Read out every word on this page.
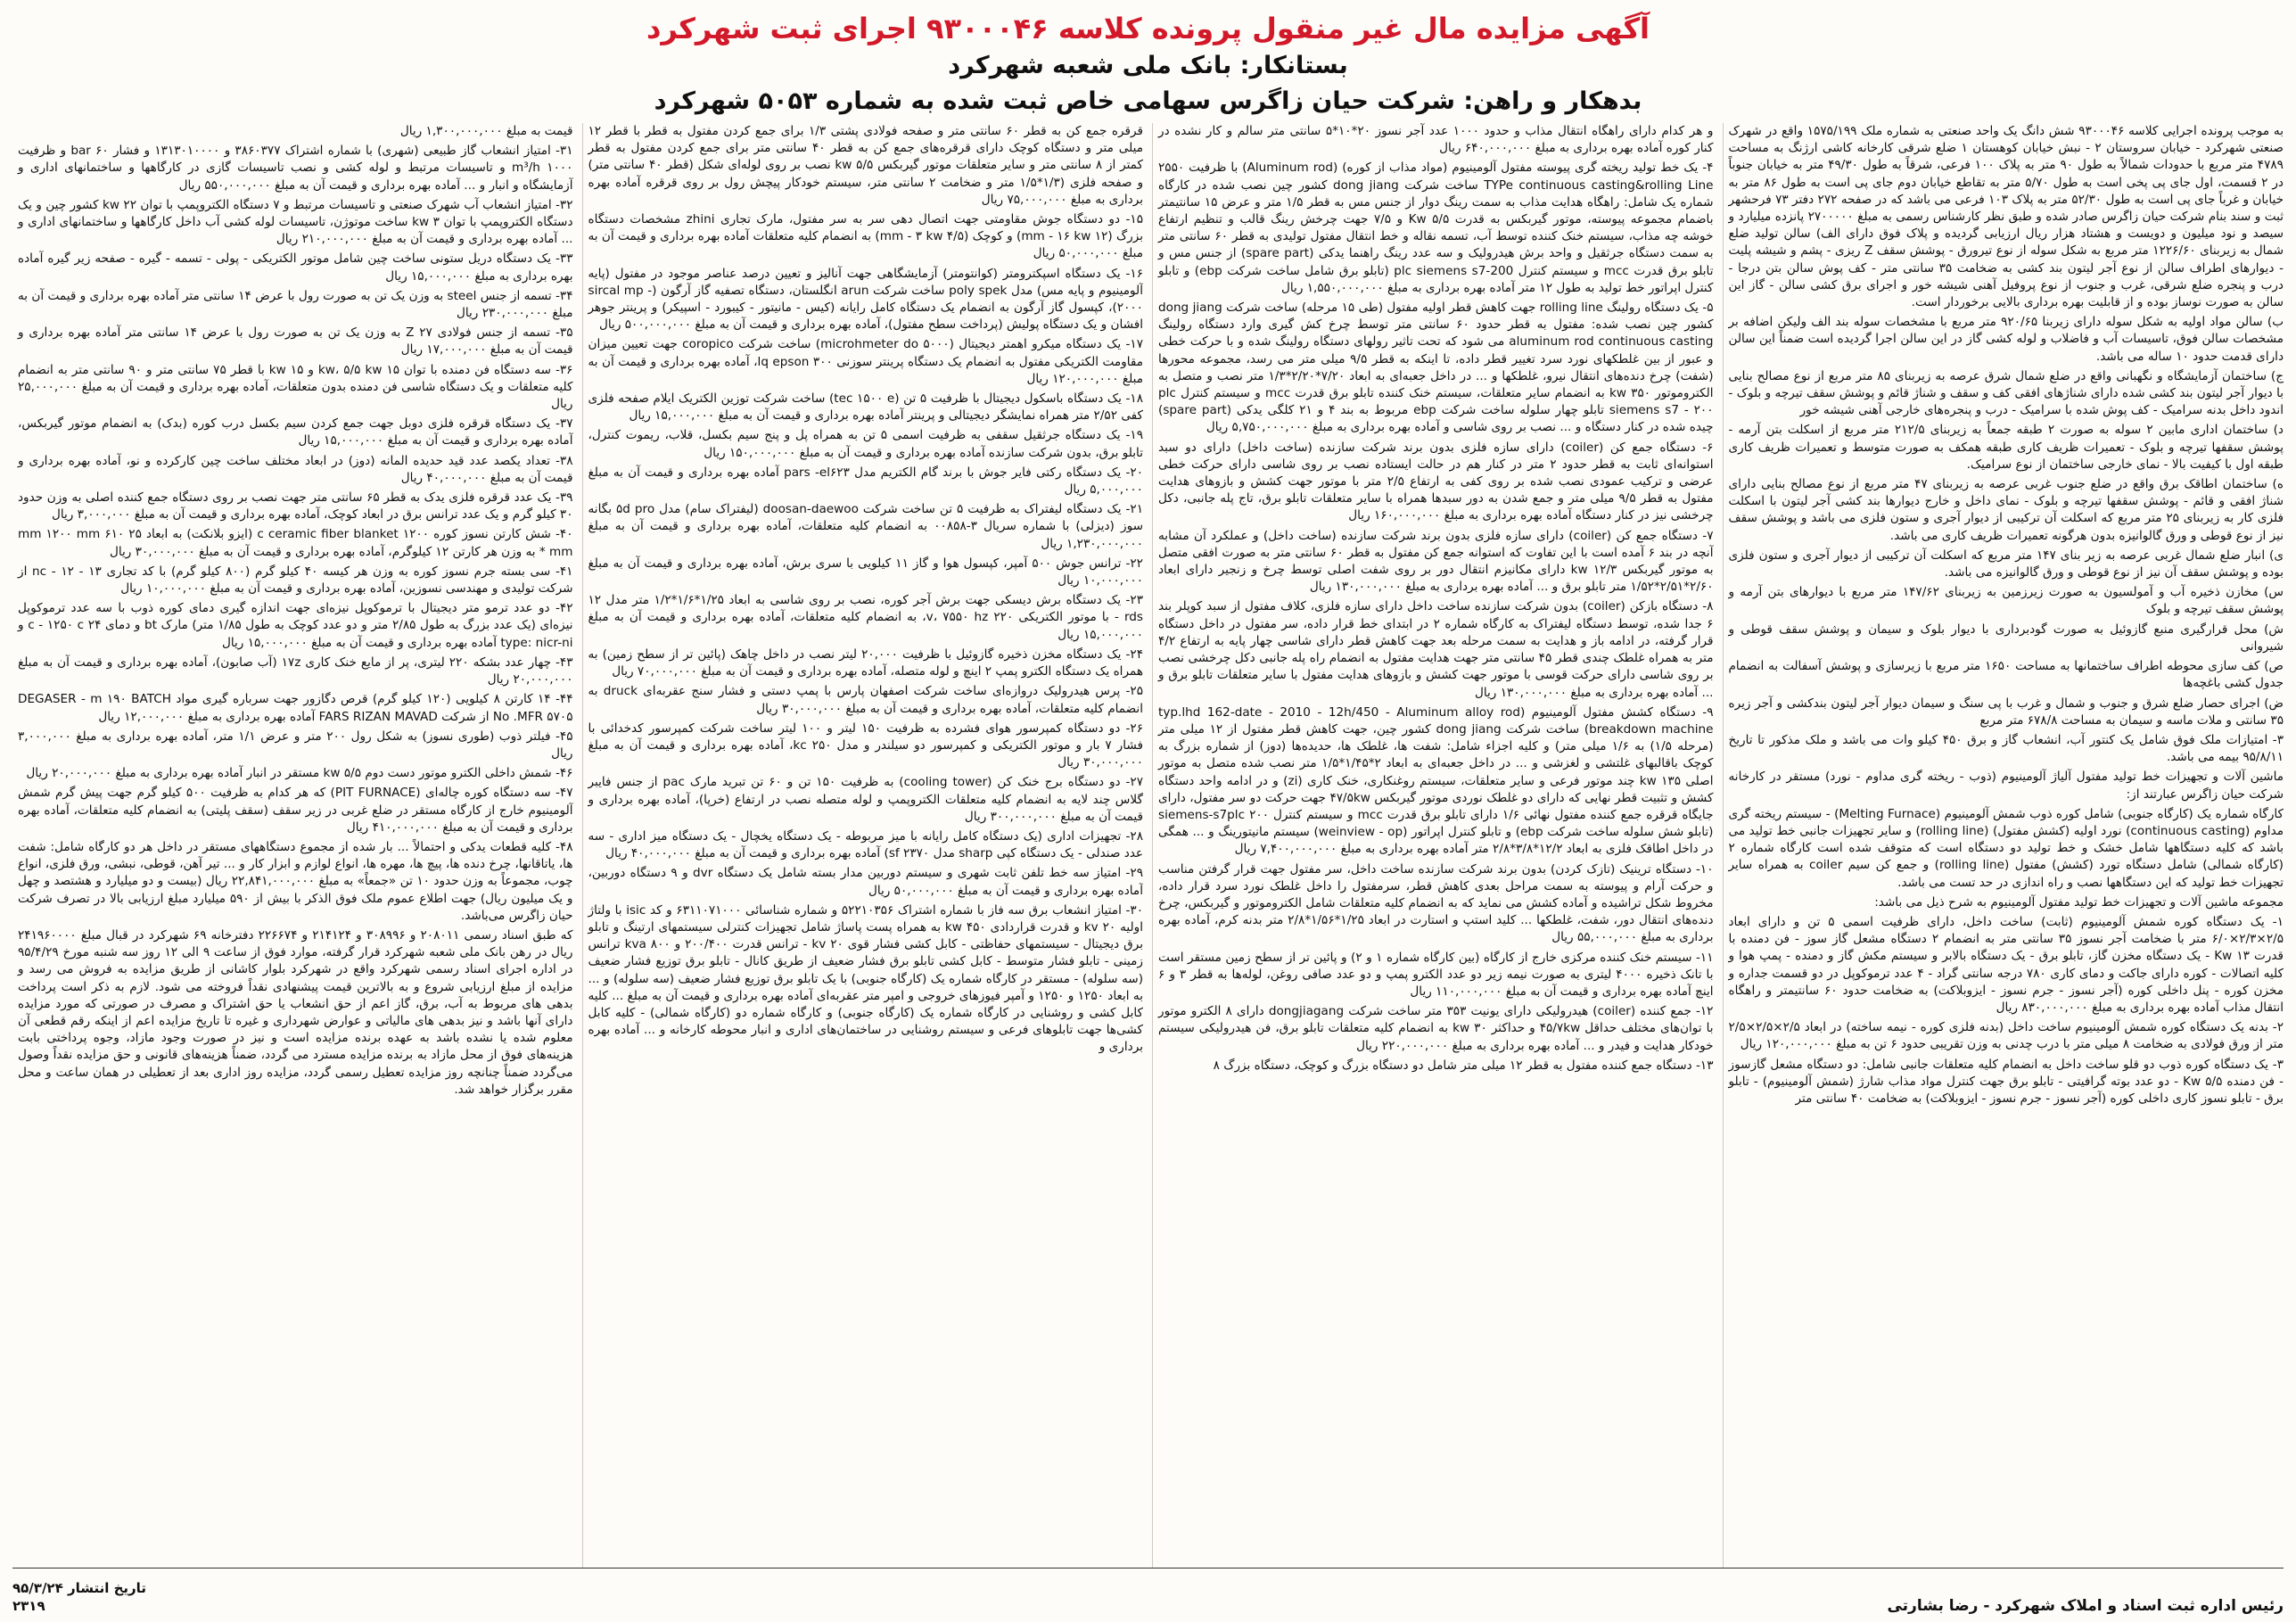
آگهی مزایده مال غیر منقول پرونده کلاسه ۹۳۰۰۰۴۶ اجرای ثبت شهرکرد

بستانکار: بانک ملی شعبه شهرکرد

بدهکار و راهن: شرکت حیان زاگرس سهامی خاص ثبت شده به شماره ۵۰۵۳ شهرکرد

به موجب پرونده اجرایی کلاسه ۹۳۰۰۰۴۶ شش دانگ یک واحد صنعتی به شماره ملک ۱۵۷۵/۱۹۹ واقع در شهرک صنعتی شهرکرد - خیابان سروستان ۲ - نبش خیابان کوهستان ۱ ضلع شرقی کارخانه کاشی ارژنگ به مساحت ۴۷۸۹ متر مربع با حدودات شمالاً به طول ۹۰ متر به پلاک ۱۰۰ فرعی، شرقاً به طول ۴۹/۳۰ متر به خیابان جنوباً در ۲ قسمت، اول جای پی پخی است به طول ۵/۷۰ متر به تقاطع خیابان دوم جای پی است به طول ۸۶ متر به خیابان و غرباً جای پی است به طول ۵۲/۳۰ متر به پلاک ۱۰۳ فرعی می باشد که در صفحه ۲۷۲ دفتر ۷۳ فرحشهر ثبت و سند بنام شرکت حیان زاگرس صادر شده و طبق نظر کارشناس رسمی به مبلغ ۲۷۰۰۰۰۰ پانزده میلیارد و سیصد و نود میلیون و دویست و هشتاد هزار ریال ارزیابی گردیده و پلاک فوق دارای الف) سالن تولید ضلع شمال به زیربنای ۱۲۲۶/۶۰ متر مربع به شکل سوله از نوع تیرورق - پوشش سقف Z ریزی - پشم و شیشه پلیت - دیوارهای اطراف سالن از نوع آجر لیتون بند کشی به ضخامت ۳۵ سانتی متر - کف پوش سالن بتن درجا - درب و پنجره ضلع شرقی، غرب و جنوب از نوع پروفیل آهنی شیشه خور و اجرای برق کشی سالن - گاز این سالن به صورت نوساز بوده و از قابلیت بهره برداری بالایی برخوردار است.

ب) سالن مواد اولیه به شکل سوله دارای زیربنا ۹۲۰/۶۵ متر مربع با مشخصات سوله بند الف ولیکن اضافه بر مشخصات سالن فوق، تاسیسات آب و فاضلاب و لوله کشی گاز در این سالن اجرا گردیده است ضمناً این سالن دارای قدمت حدود ۱۰ ساله می باشد.

ج) ساختمان آزمایشگاه و نگهبانی واقع در ضلع شمال شرق عرصه به زیربنای ۸۵ متر مربع از نوع مصالح بنایی با دیوار آجر لیتون بند کشی شده دارای شناژهای افقی کف و سقف و شناژ قائم و پوشش سقف تیرچه و بلوک - اندود داخل بدنه سرامیک - کف پوش شده با سرامیک - درب و پنجره‌های خارجی آهنی شیشه خور

د) ساختمان اداری مابین ۲ سوله به صورت ۲ طبقه جمعاً به زیربنای ۲۱۲/۵ متر مربع از اسکلت بتن آرمه - پوشش سقفها تیرچه و بلوک - تعمیرات ظریف کاری طبقه همکف به صورت متوسط و تعمیرات ظریف کاری طبقه اول با کیفیت بالا - نمای خارجی ساختمان از نوع سرامیک.

ه) ساختمان اطاقک برق واقع در ضلع جنوب غربی عرصه به زیربنای ۴۷ متر مربع از نوع مصالح بنایی دارای شناژ افقی و قائم - پوشش سقفها تیرچه و بلوک - نمای داخل و خارج دیوارها بند کشی آجر لیتون با اسکلت فلزی کار به زیربنای ۲۵ متر مربع که اسکلت آن ترکیبی از دیوار آجری و ستون فلزی می باشد و پوشش سقف نیز از نوع قوطی و ورق گالوانیزه بدون هرگونه تعمیرات ظریف کاری می باشد.

ی) انبار ضلع شمال غربی عرصه به زیر بنای ۱۴۷ متر مربع که اسکلت آن ترکیبی از دیوار آجری و ستون فلزی بوده و پوشش سقف آن نیز از نوع قوطی و ورق گالوانیزه می باشد.

س) مخازن ذخیره آب و آمولسیون به صورت زیرزمین به زیربنای ۱۴۷/۶۲ متر مربع با دیوارهای بتن آرمه و پوشش سقف تیرچه و بلوک

ش) محل قرارگیری منبع گازوئیل به صورت گودبرداری با دیوار بلوک و سیمان و پوشش سقف قوطی و شیروانی

ص) کف سازی محوطه اطراف ساختمانها به مساحت ۱۶۵۰ متر مربع با زیرسازی و پوشش آسفالت به انضمام جدول کشی باغچه‌ها

ض) اجرای حصار ضلع شرق و جنوب و شمال و غرب با پی سنگ و سیمان دیوار آجر لیتون بندکشی و آجر زیره ۳۵ سانتی و ملات ماسه و سیمان به مساحت ۶۷۸/۸ متر مربع

۳- امتیازات ملک فوق شامل یک کنتور آب، انشعاب گاز و برق ۴۵۰ کیلو وات می باشد و ملک مذکور تا تاریخ ۹۵/۸/۱۱ بیمه می باشد.

ماشین آلات و تجهیزات خط تولید مفتول آلیاژ آلومینیوم (ذوب - ریخته گری مداوم - نورد) مستقر در کارخانه شرکت حیان زاگرس عبارتند از:

کارگاه شماره یک (کارگاه جنوبی) شامل کوره ذوب شمش آلومینیوم (Melting Furnace) - سیستم ریخته گری مداوم (continuous casting) نورد اولیه (کشش مفتول) (rolling line) و سایر تجهیزات جانبی خط تولید می باشد که کلیه دستگاهها شامل خشک و خط تولید دو دستگاه است که متوقف شده است کارگاه شماره ۲ (کارگاه شمالی) شامل دستگاه تورد (کشش) مفتول (rolling line) و جمع کن سیم coiler به همراه سایر تجهیزات خط تولید که این دستگاهها نصب و راه اندازی در حد تست می باشد.

مجموعه ماشین آلات و تجهیزات خط تولید مفتول آلومینیوم به شرح ذیل می باشد:

۱- یک دستگاه کوره شمش آلومینیوم (ثابت) ساخت داخل، دارای ظرفیت اسمی ۵ تن و دارای ابعاد ۲/۵×۲/۳×۶/۰ متر با ضخامت آجر نسوز ۳۵ سانتی متر به انضمام ۲ دستگاه مشعل گاز سوز - فن دمنده با قدرت ۱۳ Kw - یک دستگاه مخزن گاز، تابلو برق - یک دستگاه بالابر و سیستم مکش گاز و دمنده - پمپ هوا و کلیه اتصالات - کوره دارای جاکت و دمای کاری ۷۸۰ درجه سانتی گراد - ۴ عدد ترموکوپل در دو قسمت جداره و مخزن کوره - پنل داخلی کوره (آجر نسوز - جرم نسوز - ایزوبلاکت) به ضخامت حدود ۶۰ سانتیمتر و راهگاه انتقال مذاب آماده بهره برداری به مبلغ ۸۳۰,۰۰۰,۰۰۰ ریال

۲- بدنه یک دستگاه کوره شمش آلومینیوم ساخت داخل (بدنه فلزی کوره - نیمه ساخته) در ابعاد ۲/۵×۲/۵×۲/۵ متر از ورق فولادی به ضخامت ۸ میلی متر با درب چدنی به وزن تقریبی حدود ۶ تن به مبلغ ۱۲۰,۰۰۰,۰۰۰ ریال

۳- یک دستگاه کوره ذوب دو قلو ساخت داخل به انضمام کلیه متعلقات جانبی شامل: دو دستگاه مشعل گازسوز - فن دمنده ۵/۵ Kw - دو عدد بوته گرافیتی - تابلو برق جهت کنترل مواد مذاب شارژ (شمش آلومینیوم) - تابلو برق - تابلو نسوز کاری داخلی کوره (آجر نسوز - جرم نسوز - ایزوبلاکت) به ضخامت ۴۰ سانتی متر

و هر کدام دارای راهگاه انتقال مذاب و حدود ۱۰۰۰ عدد آجر نسوز ۲۰*۱۰*۵ سانتی متر سالم و کار نشده در کنار کوره آماده بهره برداری به مبلغ ۶۴۰,۰۰۰,۰۰۰ ریال

۴- یک خط تولید ریخته گری پیوسته مفتول آلومینیوم (مواد مذاب از کوره) (Aluminum rod) با ظرفیت ۲۵۵۰ TYPe continuous casting&rolling Line ساخت شرکت dong jiang کشور چین نصب شده در کارگاه شماره یک شامل: راهگاه هدایت مذاب به سمت رینگ دوار از جنس مس به قطر ۱/۵ متر و عرض ۱۵ سانتیمتر باضمام مجموعه پیوسته، موتور گیربکس به قدرت ۵/۵ Kw و ۷/۵ جهت چرخش رینگ قالب و تنظیم ارتفاع خوشه چه مذاب، سیستم خنک کننده توسط آب، تسمه نقاله و خط انتقال مفتول تولیدی به قطر ۶۰ سانتی متر به سمت دستگاه جرثقیل و واحد برش هیدرولیک و سه عدد رینگ راهنما یدکی (spare part) از جنس مس و تابلو برق قدرت mcc و سیستم کنترل plc siemens s7-200 (تابلو برق شامل ساخت شرکت ebp) و تابلو کنترل اپراتور خط تولید به طول ۱۲ متر آماده بهره برداری به مبلغ ۱,۵۵۰,۰۰۰,۰۰۰ ریال

۵- یک دستگاه رولینگ rolling line جهت کاهش قطر اولیه مفتول (طی ۱۵ مرحله) ساخت شرکت dong jiang کشور چین نصب شده: مفتول به قطر حدود ۶۰ سانتی متر توسط چرخ کش گیری وارد دستگاه رولینگ aluminum rod continuous casting می شود که تحت تاثیر رولهای دستگاه رولینگ شده و با حرکت خطی و عبور از بین غلطکهای نورد سرد تغییر قطر داده، تا اینکه به قطر ۹/۵ میلی متر می رسد، مجموعه محورها (شفت) چرخ دنده‌های انتقال نیرو، غلطکها و ... در داخل جعبه‌ای به ابعاد ۷/۲۰*۲/۲۰*۱/۳ متر نصب و متصل به الکتروموتور ۳۵۰ kw به انضمام سایر متعلقات، سیستم خنک کننده تابلو برق قدرت mcc و سیستم کنترل plc siemens s7 - ۲۰۰ تابلو چهار سلوله ساخت شرکت ebp مربوط به بند ۴ و ۲۱ کلگی یدکی (spare part) چیده شده در کنار دستگاه و ... نصب بر روی شاسی و آماده بهره برداری به مبلغ ۵,۷۵۰,۰۰۰,۰۰۰ ریال

۶- دستگاه جمع کن (coiler) دارای سازه فلزی بدون برند شرکت سازنده (ساخت داخل) دارای دو سبد استوانه‌ای ثابت به قطر حدود ۲ متر در کنار هم در حالت ایستاده نصب بر روی شاسی دارای حرکت خطی عرضی و ترکیب عمودی نصب شده بر روی کفی به ارتفاع ۲/۵ متر با موتور جهت کشش و بازوهای هدایت مفتول به قطر ۹/۵ میلی متر و جمع شدن به دور سبدها همراه با سایر متعلقات تابلو برق، تاج پله جانبی، دکل چرخشی نیز در کنار دستگاه آماده بهره برداری به مبلغ ۱۶۰,۰۰۰,۰۰۰ ریال

۷- دستگاه جمع کن (coiler) دارای سازه فلزی بدون برند شرکت سازنده (ساخت داخل) و عملکرد آن مشابه آنچه در بند ۶ آمده است با این تفاوت که استوانه جمع کن مفتول به قطر ۶۰ سانتی متر به صورت افقی متصل به موتور گیربکس ۱۲/۳ kw دارای مکانیزم انتقال دور بر روی شفت اصلی توسط چرخ و زنجیر دارای ابعاد ۲/۶۰*۲/۵۱*۱/۵۲ متر تابلو برق و ... آماده بهره برداری به مبلغ ۱۳۰,۰۰۰,۰۰۰ ریال

۸- دستگاه بازکن (coiler) بدون شرکت سازنده ساخت داخل دارای سازه فلزی، کلاف مفتول از سبد کوپلر بند ۶ جدا شده، توسط دستگاه لیفتراک به کارگاه شماره ۲ در ابتدای خط قرار داده، سر مفتول در داخل دستگاه قرار گرفته، در ادامه باز و هدایت به سمت مرحله بعد جهت کاهش قطر دارای شاسی چهار پایه به ارتفاع ۴/۲ متر به همراه غلطک چندی قطر ۴۵ سانتی متر جهت هدایت مفتول به انضمام راه پله جانبی دکل چرخشی نصب بر روی شاسی دارای حرکت قوسی با موتور جهت کشش و بازوهای هدایت مفتول با سایر متعلقات تابلو برق و ... آماده بهره برداری به مبلغ ۱۳۰,۰۰۰,۰۰۰ ریال

۹- دستگاه کشش مفتول آلومینیوم (typ.lhd 162-date - 2010 - 12h/450 - Aluminum alloy rod breakdown machine) ساخت شرکت dong jiang کشور چین، جهت کاهش قطر مفتول از ۱۲ میلی متر (مرحله ۱/۵) به ۱/۶ میلی متر) و کلیه اجزاء شامل: شفت ها، غلطک ها، حدیده‌ها (دوز) از شماره بزرگ به کوچک باقالبهای غلتشی و لغزشی و ... در داخل جعبه‌ای به ابعاد ۲*۱/۴۵*۱/۵ متر نصب شده متصل به موتور اصلی ۱۳۵ kw چند موتور فرعی و سایر متعلقات، سیستم روغنکاری، خنک کاری (zi) و در ادامه واحد دستگاه کشش و تثبیت قطر نهایی که دارای دو غلطک نوردی موتور گیربکس ۴۷/۵kw جهت حرکت دو سر مفتول، دارای جایگاه قرقره جمع کننده مفتول نهائی ۱/۶ دارای تابلو برق قدرت mcc و سیستم کنترل siemens-s7plc ۲۰۰ (تابلو شش سلوله ساخت شرکت ebp) و تابلو کنترل اپراتور (weinview - op) سیستم مانیتورینگ و ... همگی در داخل اطاقک فلزی به ابعاد ۱۲/۲*۳/۸*۲/۸ متر آماده بهره برداری به مبلغ ۷,۴۰۰,۰۰۰,۰۰۰ ریال

۱۰- دستگاه ترینیک (تازک کردن) بدون برند شرکت سازنده ساخت داخل، سر مفتول جهت قرار گرفتن مناسب و حرکت آرام و پیوسته به سمت مراحل بعدی کاهش قطر، سرمفتول را داخل غلطک نورد سرد قرار داده، مخروط شکل تراشیده و آماده کشش می نماید که به انضمام کلیه متعلقات شامل الکتروموتور و گیربکس، چرخ دنده‌های انتقال دور، شفت، غلطکها ... کلید استپ و استارت در ابعاد ۱/۲۵*۱/۵۶*۲/۸ متر بدنه کرم، آماده بهره برداری به مبلغ ۵۵,۰۰۰,۰۰۰ ریال

۱۱- سیستم خنک کننده مرکزی خارج از کارگاه (بین کارگاه شماره ۱ و ۲) و پائین تر از سطح زمین مستقر است با تانک ذخیره ۴۰۰۰ لیتری به صورت نیمه زیر دو عدد الکترو پمپ و دو عدد صافی روغن، لوله‌ها به قطر ۳ و ۶ اینچ آماده بهره برداری و قیمت آن به مبلغ ۱۱۰,۰۰۰,۰۰۰ ریال

۱۲- جمع کننده (coiler) هیدرولیکی دارای یونیت ۳۵۳ متر ساخت شرکت dongjiagang دارای ۸ الکترو موتور با توان‌های مختلف حداقل ۴۵/۷kw و حداکثر ۳۰ kw به انضمام کلیه متعلقات تابلو برق، فن هیدرولیکی سیستم خودکار هدایت و فیدر و ... آماده بهره برداری به مبلغ ۲۲۰,۰۰۰,۰۰۰ ریال

۱۳- دستگاه جمع کننده مفتول به قطر ۱۲ میلی متر شامل دو دستگاه بزرگ و کوچک، دستگاه بزرگ ۸

قرقره جمع کن به قطر ۶۰ سانتی متر و صفحه فولادی پشتی ۱/۳ برای جمع کردن مفتول به قطر با قطر ۱۲ میلی متر و دستگاه کوچک دارای قرقره‌های جمع کن به قطر ۴۰ سانتی متر برای جمع کردن مفتول به قطر کمتر از ۸ سانتی متر و سایر متعلقات موتور گیربکس ۵/۵ kw نصب بر روی لوله‌ای شکل (قطر ۴۰ سانتی متر) و صفحه فلزی (۱/۳*۱/۵ متر و ضخامت ۲ سانتی متر، سیستم خودکار پیچش رول بر روی قرقره آماده بهره برداری به مبلغ ۷۵,۰۰۰,۰۰۰ ریال

۱۵- دو دستگاه جوش مقاومتی جهت اتصال دهی سر به سر مفتول، مارک تجاری zhini مشخصات دستگاه بزرگ (۱۲ mm - ۱۶ kw) و کوچک (۴/۵ mm - ۳ kw) به انضمام کلیه متعلقات آماده بهره برداری و قیمت آن به مبلغ ۵۰,۰۰۰,۰۰۰ ریال

۱۶- یک دستگاه اسپکترومتر (کوانتومتر) آزمایشگاهی جهت آنالیز و تعیین درصد عناصر موجود در مفتول (پایه آلومینیوم و پایه مس) مدل poly spek ساخت شرکت arun انگلستان، دستگاه تصفیه گاز آرگون (sircal mp - ۲۰۰۰)، کپسول گاز آرگون به انضمام یک دستگاه کامل رایانه (کیس - مانیتور - کیبورد - اسپیکر) و پرینتر جوهر افشان و یک دستگاه پولیش (پرداخت سطح مفتول)، آماده بهره برداری و قیمت آن به مبلغ ۵۰۰,۰۰۰,۰۰۰ ریال

۱۷- یک دستگاه میکرو اهمتر دیجیتال (microhmeter do ۵۰۰۰) ساخت شرکت coropico جهت تعیین میزان مقاومت الکتریکی مفتول به انضمام یک دستگاه پرینتر سوزنی ۳۰۰ lq epson، آماده بهره برداری و قیمت آن به مبلغ ۱۲۰,۰۰۰,۰۰۰ ریال

۱۸- یک دستگاه باسکول دیجیتال با ظرفیت ۵ تن (tec ۱۵۰۰ e) ساخت شرکت توزین الکتریک ایلام صفحه فلزی کفی ۲/۵۲ متر همراه نمایشگر دیجیتالی و پرینتر آماده بهره برداری و قیمت آن به مبلغ ۱۵,۰۰۰,۰۰۰ ریال

۱۹- یک دستگاه جرثقیل سقفی به ظرفیت اسمی ۵ تن به همراه پل و پنج سیم بکسل، قلاب، ریموت کنترل، تابلو برق، بدون شرکت سازنده آماده بهره برداری و قیمت آن به مبلغ ۱۵۰,۰۰۰,۰۰۰ ریال

۲۰- یک دستگاه رکتی فایر جوش با برند گام الکتریم مدل pars -el۶۲۳ آماده بهره برداری و قیمت آن به مبلغ ۵,۰۰۰,۰۰۰ ریال

۲۱- یک دستگاه لیفتراک به ظرفیت ۵ تن ساخت شرکت doosan-daewoo (لیفتراک سام) مدل ۵d pro بگانه سوز (دیزلی) با شماره سریال ۳-۰۰۸۵۸ به انضمام کلیه متعلقات، آماده بهره برداری و قیمت آن به مبلغ ۱,۲۳۰,۰۰۰,۰۰۰ ریال

۲۲- ترانس جوش ۵۰۰ آمپر، کپسول هوا و گاز ۱۱ کیلویی با سری برش، آماده بهره برداری و قیمت آن به مبلغ ۱۰,۰۰۰,۰۰۰ ریال

۲۳- یک دستگاه برش دیسکی جهت برش آجر کوره، نصب بر روی شاسی به ابعاد ۱/۲۵*۱/۶*۱/۲ متر مدل ۱۲ rds - با موتور الکتریکی ۲۲۰ v، ۷۵۵۰ hz، به انضمام کلیه متعلقات، آماده بهره برداری و قیمت آن به مبلغ ۱۵,۰۰۰,۰۰۰ ریال

۲۴- یک دستگاه مخزن ذخیره گازوئیل با ظرفیت ۲۰,۰۰۰ لیتر نصب در داخل چاهک (پائین تر از سطح زمین) به همراه یک دستگاه الکترو پمپ ۲ اینچ و لوله متصله، آماده بهره برداری و قیمت آن به مبلغ ۷۰,۰۰۰,۰۰۰ ریال

۲۵- پرس هیدرولیک دروازه‌ای ساخت شرکت اصفهان پارس با پمپ دستی و فشار سنج عقربه‌ای druck به انضمام کلیه متعلقات، آماده بهره برداری و قیمت آن به مبلغ ۳۰,۰۰۰,۰۰۰ ریال

۲۶- دو دستگاه کمپرسور هوای فشرده به ظرفیت ۱۵۰ لیتر و ۱۰۰ لیتر ساخت شرکت کمپرسور کدخدائی با فشار ۷ بار و موتور الکتریکی و کمپرسور دو سیلندر و مدل kc ۲۵۰، آماده بهره برداری و قیمت آن به مبلغ ۳۰,۰۰۰,۰۰۰ ریال

۲۷- دو دستگاه برج خنک کن (cooling tower) به ظرفیت ۱۵۰ تن و ۶۰ تن تبرید مارک pac از جنس فایبر گلاس چند لایه به انضمام کلیه متعلقات الکتروپمپ و لوله متصله نصب در ارتفاع (خرپا)، آماده بهره برداری و قیمت آن به مبلغ ۳۰۰,۰۰۰,۰۰۰ ریال

۲۸- تجهیزات اداری (یک دستگاه کامل رایانه با میز مربوطه - یک دستگاه یخچال - یک دستگاه میز اداری - سه عدد صندلی - یک دستگاه کپی sharp مدل ۲۳۷۰ sf) آماده بهره برداری و قیمت آن به مبلغ ۴۰,۰۰۰,۰۰۰ ریال

۲۹- امتیاز سه خط تلفن ثابت شهری و سیستم دوربین مدار بسته شامل یک دستگاه dvr و ۹ دستگاه دوربین، آماده بهره برداری و قیمت آن به مبلغ ۵۰,۰۰۰,۰۰۰ ریال

۳۰- امتیاز انشعاب برق سه فاز با شماره اشتراک ۵۲۲۱۰۳۵۶ و شماره شناسائی ۶۳۱۱۰۷۱۰۰۰ و کد isic با ولتاژ اولیه ۲۰ kv و قدرت قراردادی ۴۵۰ kw به همراه پست پاساژ شامل تجهیزات کنترلی سیستمهای ارتینگ و تابلو برق دیجیتال - سیستمهای حفاظتی - کابل کشی فشار قوی ۲۰ kv - ترانس قدرت ۲۰۰/۴۰۰ و ۸۰۰ kva ترانس زمینی - تابلو فشار متوسط - کابل کشی تابلو برق فشار ضعیف از طریق کانال - تابلو برق توزیع فشار ضعیف (سه سلوله) - مستقر در کارگاه شماره یک (کارگاه جنوبی) با یک تابلو برق توزیع فشار ضعیف (سه سلوله) و ... به ابعاد ۱۲۵۰ و ۱۲۵۰ و آمپر فیوزهای خروجی و امپر متر عقربه‌ای آماده بهره برداری و قیمت آن به مبلغ ... کلیه کابل کشی و روشنایی در کارگاه شماره یک (کارگاه جنوبی) و کارگاه شماره دو (کارگاه شمالی) - کلیه کابل کشی‌ها جهت تابلوهای فرعی و سیستم روشنایی در ساختمان‌های اداری و انبار محوطه کارخانه و ... آماده بهره برداری و

قیمت به مبلغ ۱,۳۰۰,۰۰۰,۰۰۰ ریال

۳۱- امتیاز انشعاب گاز طبیعی (شهری) با شماره اشتراک ۳۸۶۰۳۷۷ و ۱۳۱۳۰۱۰۰۰۰ و فشار ۶۰ bar و ظرفیت ۱۰۰۰ m³/h و تاسیسات مرتبط و لوله کشی و نصب تاسیسات گازی در کارگاهها و ساختمانهای اداری و آزمایشگاه و انبار و ... آماده بهره برداری و قیمت آن به مبلغ ۵۵۰,۰۰۰,۰۰۰ ریال

۳۲- امتیاز انشعاب آب شهرک صنعتی و تاسیسات مرتبط و ۷ دستگاه الکتروپمپ با توان ۲۲ kw کشور چین و یک دستگاه الکتروپمپ با توان ۳ kw ساخت موتوژن، تاسیسات لوله کشی آب داخل کارگاهها و ساختمانهای اداری و ... آماده بهره برداری و قیمت آن به مبلغ ۲۱۰,۰۰۰,۰۰۰ ریال

۳۳- یک دستگاه دریل ستونی ساخت چین شامل موتور الکتریکی - پولی - تسمه - گیره - صفحه زیر گیره آماده بهره برداری به مبلغ ۱۵,۰۰۰,۰۰۰ ریال

۳۴- تسمه از جنس steel به وزن یک تن به صورت رول با عرض ۱۴ سانتی متر آماده بهره برداری و قیمت آن به مبلغ ۲۳۰,۰۰۰,۰۰۰ ریال

۳۵- تسمه از جنس فولادی ۲۷ Z به وزن یک تن به صورت رول با عرض ۱۴ سانتی متر آماده بهره برداری و قیمت آن به مبلغ ۱۷,۰۰۰,۰۰۰ ریال

۳۶- سه دستگاه فن دمنده با توان ۱۵ kw، ۵/۵ kw و ۱۵ kw با قطر ۷۵ سانتی متر و ۹۰ سانتی متر به انضمام کلیه متعلقات و یک دستگاه شاسی فن دمنده بدون متعلقات، آماده بهره برداری و قیمت آن به مبلغ ۲۵,۰۰۰,۰۰۰ ریال

۳۷- یک دستگاه قرقره فلزی دوبل جهت جمع کردن سیم بکسل درب کوره (بدک) به انضمام موتور گیربکس، آماده بهره برداری و قیمت آن به مبلغ ۱۵,۰۰۰,۰۰۰ ریال

۳۸- تعداد یکصد عدد قید حدیده المانه (دوز) در ابعاد مختلف ساخت چین کارکرده و نو، آماده بهره برداری و قیمت آن به مبلغ ۴۰,۰۰۰,۰۰۰ ریال

۳۹- یک عدد قرقره فلزی یدک به قطر ۶۵ سانتی متر جهت نصب بر روی دستگاه جمع کننده اصلی به وزن حدود ۳۰ کیلو گرم و یک عدد ترانس برق در ابعاد کوچک، آماده بهره برداری و قیمت آن به مبلغ ۳,۰۰۰,۰۰۰ ریال

۴۰- شش کارتن نسوز کوره ۱۲۰۰ c ceramic fiber blanket (ایزو بلانکت) به ابعاد ۲۵ mm ۱۲۰۰ mm ۶۱۰ mm * به وزن هر کارتن ۱۲ کیلوگرم، آماده بهره برداری و قیمت آن به مبلغ ۳۰,۰۰۰,۰۰۰ ریال

۴۱- سی بسته جرم نسوز کوره به وزن هر کیسه ۴۰ کیلو گرم (۸۰۰ کیلو گرم) با کد تجاری ۱۳ - ۱۲ - nc از شرکت تولیدی و مهندسی نسوزین، آماده بهره برداری و قیمت آن به مبلغ ۱۰,۰۰۰,۰۰۰ ریال

۴۲- دو عدد ترمو متر دیجیتال با ترموکوپل نیزه‌ای جهت اندازه گیری دمای کوره ذوب با سه عدد ترموکوپل نیزه‌ای (یک عدد بزرگ به طول ۲/۸۵ متر و دو عدد کوچک به طول ۱/۸۵ متر) مارک bt و دمای ۲۴ c - ۱۲۵۰ c و type: nicr-ni آماده بهره برداری و قیمت آن به مبلغ ۱۵,۰۰۰,۰۰۰ ریال

۴۳- چهار عدد بشکه ۲۲۰ لیتری، پر از مایع خنک کاری ۱۷z (آب صابون)، آماده بهره برداری و قیمت آن به مبلغ ۲۰,۰۰۰,۰۰۰ ریال

۴۴- ۱۴ کارتن ۸ کیلویی (۱۲۰ کیلو گرم) قرص دگازور جهت سرباره گیری مواد DEGASER - m ۱۹۰ BATCH No .MFR ۵۷۰۵ از شرکت FARS RIZAN MAVAD آماده بهره برداری به مبلغ ۱۲,۰۰۰,۰۰۰ ریال

۴۵- فیلتر ذوب (طوری نسوز) به شکل رول ۲۰۰ متر و عرض ۱/۱ متر، آماده بهره برداری به مبلغ ۳,۰۰۰,۰۰۰ ریال

۴۶- شمش داخلی الکترو موتور دست دوم ۵/۵ kw مستقر در انبار آماده بهره برداری به مبلغ ۲۰,۰۰۰,۰۰۰ ریال

۴۷- سه دستگاه کوره چاله‌ای (PIT FURNACE) که هر کدام به ظرفیت ۵۰۰ کیلو گرم جهت پیش گرم شمش آلومینیوم خارج از کارگاه مستقر در ضلع غربی در زیر سقف (سقف پلیتی) به انضمام کلیه متعلقات، آماده بهره برداری و قیمت آن به مبلغ ۴۱۰,۰۰۰,۰۰۰ ریال

۴۸- کلیه قطعات یدکی و احتمالاً ... بار شده از مجموع دستگاههای مستقر در داخل هر دو کارگاه شامل: شفت ها، یاتاقانها، چرخ دنده ها، پیچ ها، مهره ها، انواع لوازم و ابزار کار و ... تیر آهن، قوطی، نبشی، ورق فلزی، انواع چوب، مجموعاً به وزن حدود ۱۰ تن «جمعاً» به مبلغ ۲۲,۸۴۱,۰۰۰,۰۰۰ ریال (بیست و دو میلیارد و هشتصد و چهل و یک میلیون ریال) جهت اطلاع عموم ملک فوق الذکر با بیش از ۵۹۰ میلیارد مبلغ ارزیابی بالا در تصرف شرکت حیان زاگرس می‌باشد.

که طبق اسناد رسمی ۲۰۸۰۱۱ و ۳۰۸۹۹۶ و ۲۱۴۱۲۴ و ۲۲۶۶۷۴ دفترخانه ۶۹ شهرکرد در قبال مبلغ ۲۴۱۹۶۰۰۰۰ ریال در رهن بانک ملی شعبه شهرکرد قرار گرفته، موارد فوق از ساعت ۹ الی ۱۲ روز سه شنبه مورخ ۹۵/۴/۲۹ در اداره اجرای اسناد رسمی شهرکرد واقع در شهرکرد بلوار کاشانی از طریق مزایده به فروش می رسد و مزایده از مبلغ ارزیابی شروع و به بالاترین قیمت پیشنهادی نقداً فروخته می شود. لازم به ذکر است پرداخت بدهی های مربوط به آب، برق، گاز اعم از حق انشعاب یا حق اشتراک و مصرف در صورتی که مورد مزایده دارای آنها باشد و نیز بدهی های مالیاتی و عوارض شهرداری و غیره تا تاریخ مزایده اعم از اینکه رقم قطعی آن معلوم شده یا نشده باشد به عهده برنده مزایده است و نیز در صورت وجود مازاد، وجوه پرداختی بابت هزینه‌های فوق از محل مازاد به برنده مزایده مسترد می گردد، ضمناً هزینه‌های قانونی و حق مزایده نقداً وصول می‌گردد ضمناً چنانچه روز مزایده تعطیل رسمی گردد، مزایده روز اداری بعد از تعطیلی در همان ساعت و محل مقرر برگزار خواهد شد.

رئیس اداره ثبت اسناد و املاک شهرکرد - رضا بشارتی
تاریخ انتشار ۹۵/۳/۲۴
۲۳۱۹
